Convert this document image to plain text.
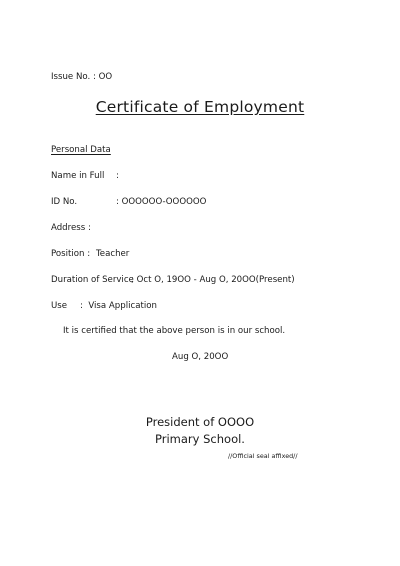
Issue No. : OO
Certificate of Employment
Personal Data
Name in Full :
ID No.	: OOOOOO-OOOOOO
Address :
Position : Teacher
Duration of Service
; Oct O, 19OO - Aug O, 20OO(Present)
Use :  Visa Application
It is certified that the above person is in our school.
Aug O, 20OO
President of OOOO
Primary School.
//Official seal affixed//
